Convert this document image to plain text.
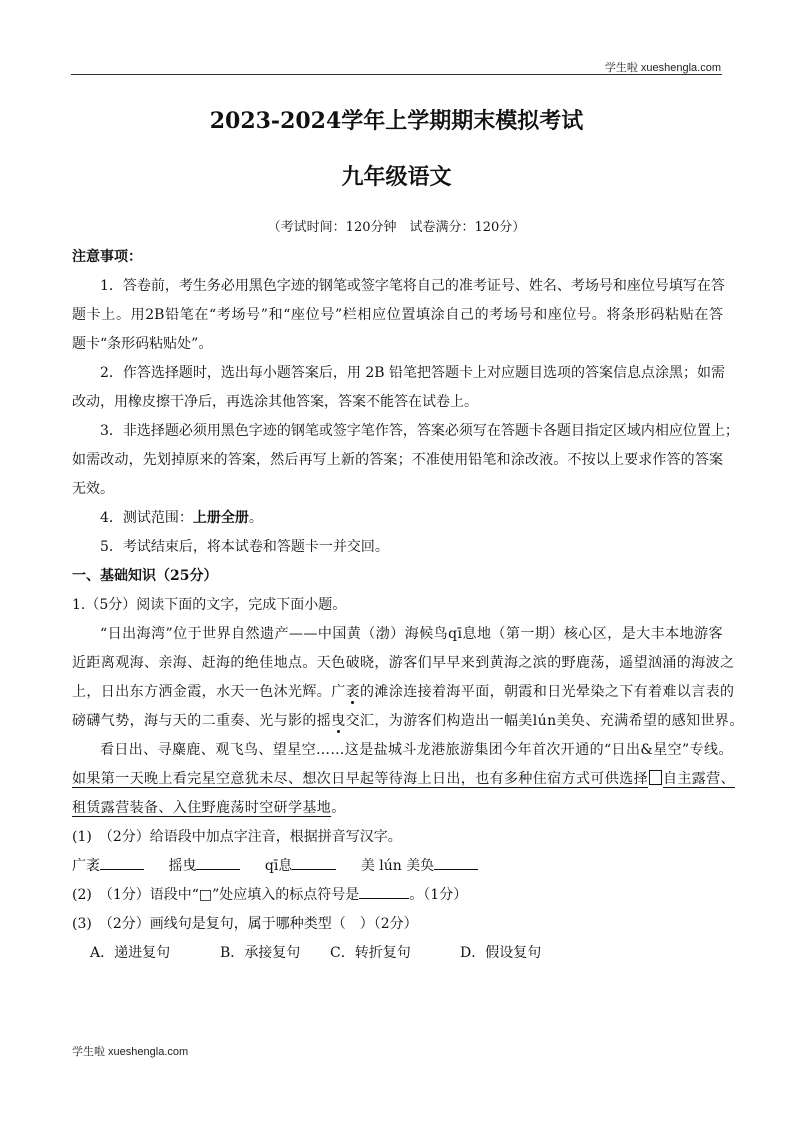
学生啦 xueshengla.com
2023-2024学年上学期期末模拟考试
九年级语文
（考试时间：120分钟　试卷满分：120分）
注意事项：
1．答卷前，考生务必用黑色字迹的钢笔或签字笔将自己的准考证号、姓名、考场号和座位号填写在答
题卡上。用2B铅笔在“考场号”和“座位号”栏相应位置填涂自己的考场号和座位号。将条形码粘贴在答
题卡“条形码粘贴处”。
2．作答选择题时，选出每小题答案后，用 2B 铅笔把答题卡上对应题目选项的答案信息点涂黑；如需
改动，用橡皮擦干净后，再选涂其他答案，答案不能答在试卷上。
3．非选择题必须用黑色字迹的钢笔或签字笔作答，答案必须写在答题卡各题目指定区域内相应位置上；
如需改动，先划掉原来的答案，然后再写上新的答案；不准使用铅笔和涂改液。不按以上要求作答的答案
无效。
4．测试范围：上册全册。
5．考试结束后，将本试卷和答题卡一并交回。
一、基础知识（25分）
1.（5分）阅读下面的文字，完成下面小题。
“日出海湾”位于世界自然遗产——中国黄（渤）海候鸟qī息地（第一期）核心区，是大丰本地游客
近距离观海、亲海、赶海的绝佳地点。天色破晓，游客们早早来到黄海之滨的野鹿荡，遥望汹涌的海波之
上，日出东方洒金霞，水天一色沐光辉。广袤的滩涂连接着海平面，朝霞和日光晕染之下有着难以言表的
磅礴气势，海与天的二重奏、光与影的摇曳交汇，为游客们构造出一幅美lún美奂、充满希望的感知世界。
看日出、寻麋鹿、观飞鸟、望星空……这是盐城斗龙港旅游集团今年首次开通的“日出&星空”专线。
如果第一天晚上看完星空意犹未尽、想次日早起等待海上日出，也有多种住宿方式可供选择 自主露营、
租赁露营装备、入住野鹿荡时空研学基地。
(1)　（2分）给语段中加点字注音，根据拼音写汉字。
广袤	摇曳	qī息	美 lún 美奂
(2)　（1分）语段中“□”处应填入的标点符号是	。（1分）
(3)　（2分）画线句是复句，属于哪种类型（　）（2分）
A．递进复句	B．承接复句 C．转折复句	D．假设复句
学生啦 xueshengla.com
